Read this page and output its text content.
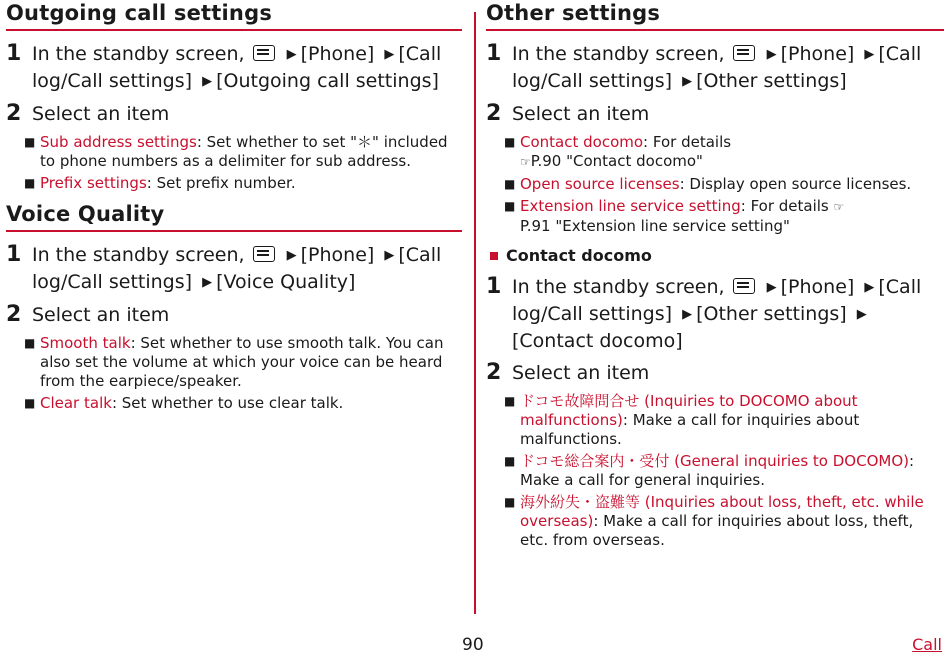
Outgoing call settings
1 In the standby screen,	▶ [Phone] ▶ [Call log/Call settings] ▶ [Outgoing call settings]
2 Select an item
■ Sub address settings: Set whether to set "＊" included to phone numbers as a delimiter for sub address.
■ Prefix settings: Set prefix number.
Voice Quality
1 In the standby screen,	▶ [Phone] ▶ [Call log/Call settings] ▶ [Voice Quality]
2 Select an item
■ Smooth talk: Set whether to use smooth talk. You can also set the volume at which your voice can be heard from the earpiece/speaker.
■ Clear talk: Set whether to use clear talk.
Other settings
1 In the standby screen,	▶ [Phone] ▶ [Call log/Call settings] ▶ [Other settings]
2 Select an item
■ Contact docomo: For details
☞P.90 "Contact docomo"
■ Open source licenses: Display open source licenses.
■ Extension line service setting: For details ☞
P.91 "Extension line service setting"
Contact docomo
1 In the standby screen,	▶ [Phone] ▶ [Call log/Call settings] ▶ [Other settings] ▶[Contact docomo]
2 Select an item
■ ドコモ故障問合せ (Inquiries to DOCOMO about malfunctions): Make a call for inquiries about malfunctions.
■ ドコモ総合案内・受付 (General inquiries to DOCOMO): Make a call for general inquiries.
■ 海外紛失・盗難等 (Inquiries about loss, theft, etc. while overseas): Make a call for inquiries about loss, theft, etc. from overseas.
90	Call
